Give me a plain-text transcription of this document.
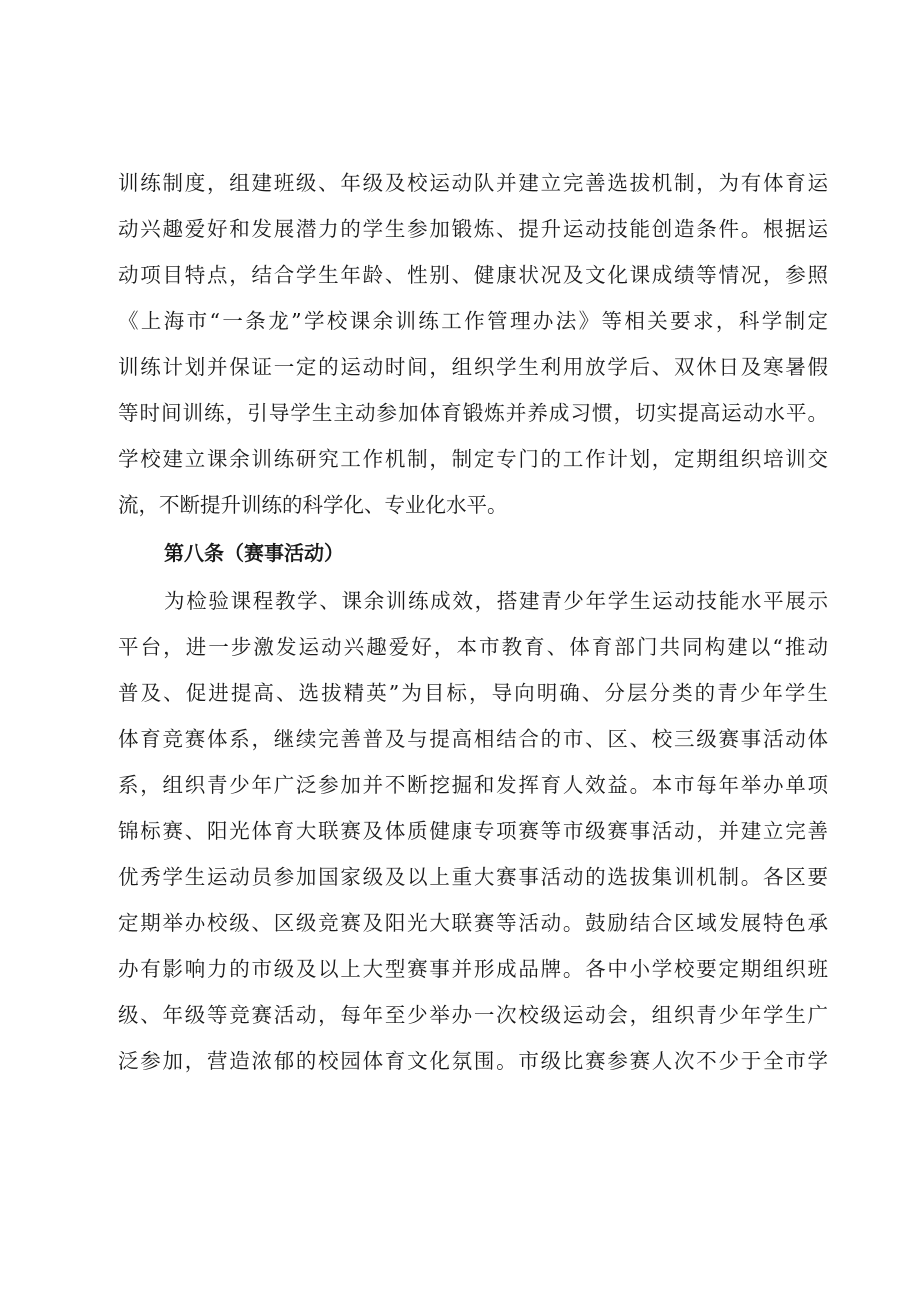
训练制度，组建班级、年级及校运动队并建立完善选拔机制，为有体育运
动兴趣爱好和发展潜力的学生参加锻炼、提升运动技能创造条件。根据运
动项目特点，结合学生年龄、性别、健康状况及文化课成绩等情况，参照
《上海市“一条龙”学校课余训练工作管理办法》等相关要求，科学制定
训练计划并保证一定的运动时间，组织学生利用放学后、双休日及寒暑假
等时间训练，引导学生主动参加体育锻炼并养成习惯，切实提高运动水平。
学校建立课余训练研究工作机制，制定专门的工作计划，定期组织培训交
流，不断提升训练的科学化、专业化水平。
第八条（赛事活动）
为检验课程教学、课余训练成效，搭建青少年学生运动技能水平展示
平台，进一步激发运动兴趣爱好，本市教育、体育部门共同构建以“推动
普及、促进提高、选拔精英”为目标，导向明确、分层分类的青少年学生
体育竞赛体系，继续完善普及与提高相结合的市、区、校三级赛事活动体
系，组织青少年广泛参加并不断挖掘和发挥育人效益。本市每年举办单项
锦标赛、阳光体育大联赛及体质健康专项赛等市级赛事活动，并建立完善
优秀学生运动员参加国家级及以上重大赛事活动的选拔集训机制。各区要
定期举办校级、区级竞赛及阳光大联赛等活动。鼓励结合区域发展特色承
办有影响力的市级及以上大型赛事并形成品牌。各中小学校要定期组织班
级、年级等竞赛活动，每年至少举办一次校级运动会，组织青少年学生广
泛参加，营造浓郁的校园体育文化氛围。市级比赛参赛人次不少于全市学
